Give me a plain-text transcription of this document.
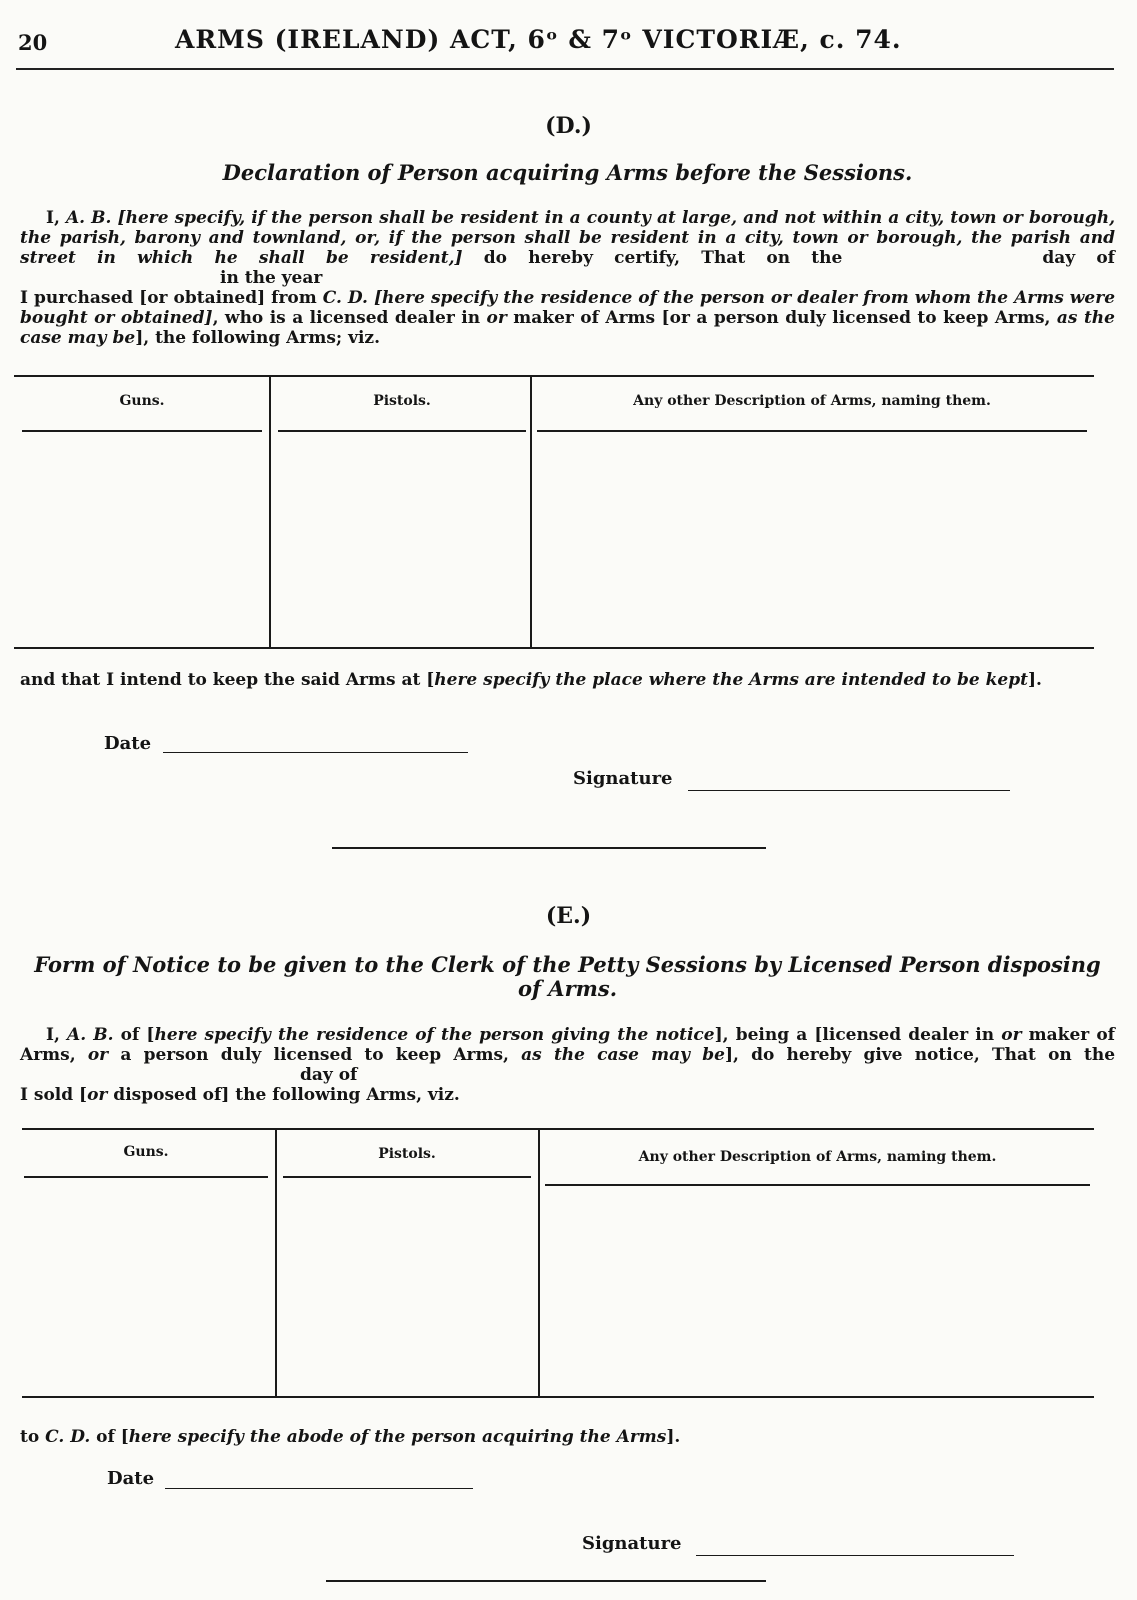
20	ARMS (IRELAND) ACT, 6ᵒ & 7ᵒ VICTORIÆ, c. 74.
(D.)
Declaration of Person acquiring Arms before the Sessions.
I, A. B. [here specify, if the person shall be resident in a county at large, and not within a city, town or borough, the parish, barony and townland, or, if the person shall be resident in a city, town or borough, the parish and street in which he shall be resident,] do hereby certify, That on the	day ofin the year
I purchased [or obtained] from C. D. [here specify the residence of the person or dealer from whom the Arms were bought or obtained], who is a licensed dealer in or maker of Arms [or a person duly licensed to keep Arms, as the case may be], the following Arms; viz.
Guns.	Pistols.	Any other Description of Arms, naming them.
and that I intend to keep the said Arms at [here specify the place where the Arms are intended to be kept].
Date
Signature
(E.)
Form of Notice to be given to the Clerk of the Petty Sessions by Licensed Person disposing of Arms.
I, A. B. of [here specify the residence of the person giving the notice], being a [licensed dealer in or maker of Arms, or a person duly licensed to keep Arms, as the case may be], do hereby give notice, That on theday of
I sold [or disposed of] the following Arms, viz.
Guns.	Pistols.	Any other Description of Arms, naming them.
to C. D. of [here specify the abode of the person acquiring the Arms].
Date
Signature
